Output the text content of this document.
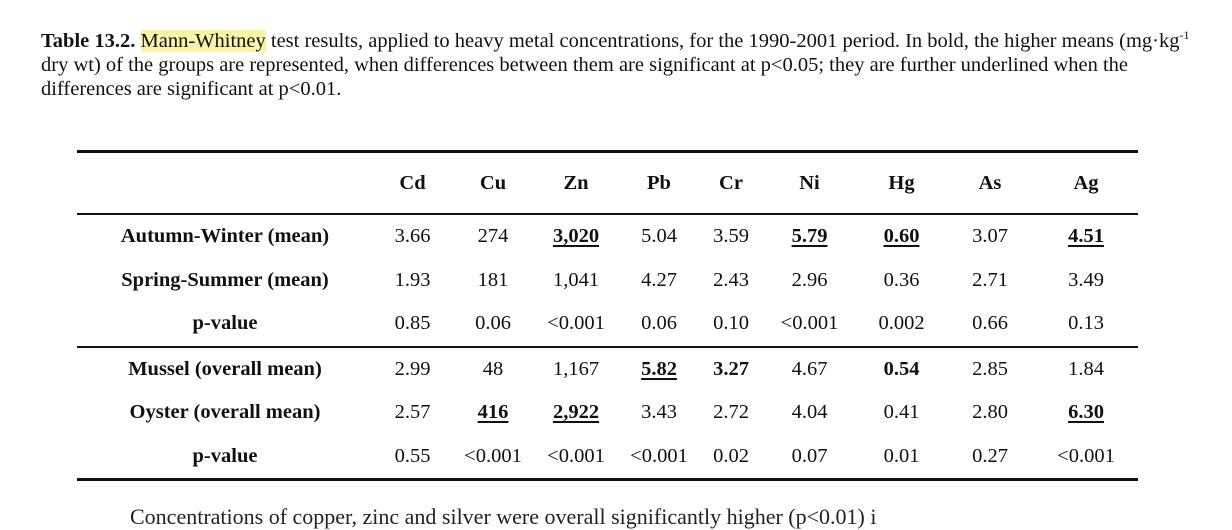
Table 13.2. Mann-Whitney test results, applied to heavy metal concentrations, for the 1990-2001 period. In bold, the higher means ($mg\cdot kg^{-1}$ dry wt) of the groups are represented, when differences between them are significant at p<0.05; they are further underlined when the differences are significant at p<0.01.
	Cd	Cu	Zn	Pb	Cr	Ni	Hg	As	Ag
Autumn-Winter (mean)	3.66	274	3,020	5.04	3.59	5.79	0.60	3.07	4.51
Spring-Summer (mean)	1.93	181	1,041	4.27	2.43	2.96	0.36	2.71	3.49
p-value	0.85	0.06	<0.001	0.06	0.10	<0.001	0.002	0.66	0.13
Mussel (overall mean)	2.99	48	1,167	5.82	3.27	4.67	0.54	2.85	1.84
Oyster (overall mean)	2.57	416	2,922	3.43	2.72	4.04	0.41	2.80	6.30
p-value	0.55	<0.001	<0.001	<0.001	0.02	0.07	0.01	0.27	<0.001
Concentrations of copper, zinc and silver were overall significantly higher (p<0.01) i
